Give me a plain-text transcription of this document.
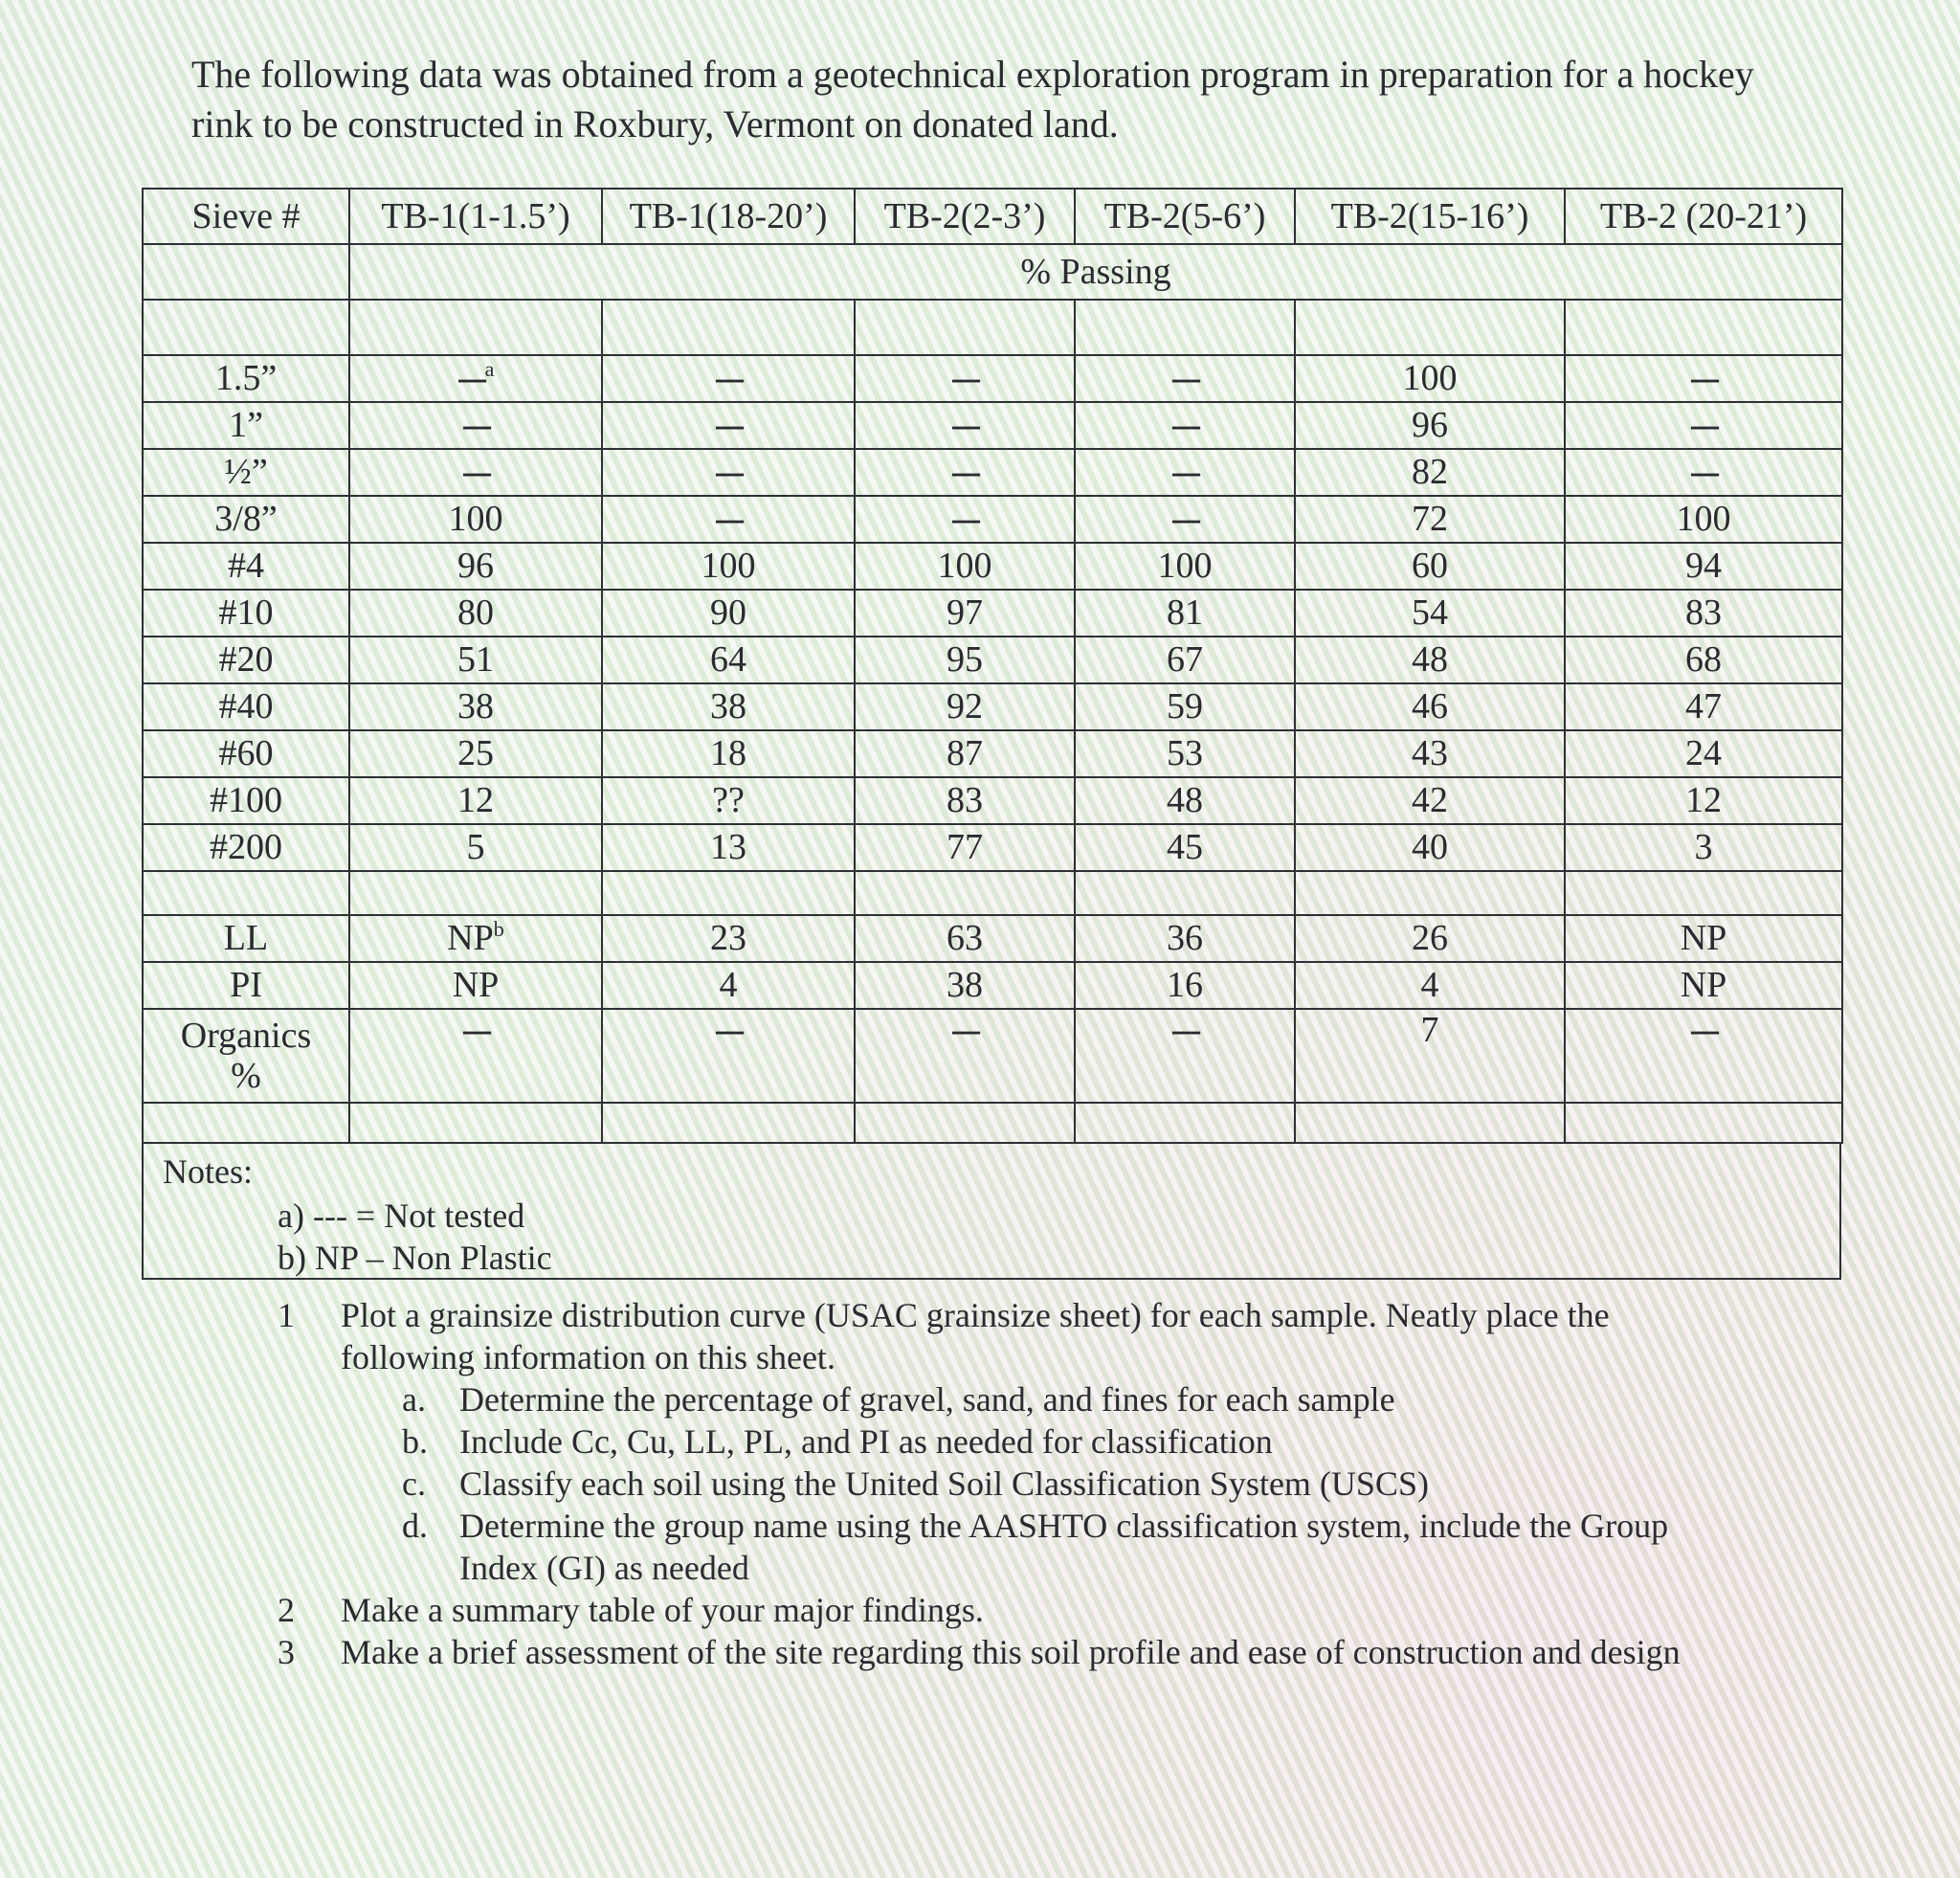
The following data was obtained from a geotechnical exploration program in preparation for a hockey rink to be constructed in Roxbury, Vermont on donated land.
Sieve #	TB-1(1-1.5’)	TB-1(18-20’)	TB-2(2-3’)	TB-2(5-6’)	TB-2(15-16’)	TB-2 (20-21’)
	% Passing					

1.5”	---$^a$	---	---	---	100	---
1”	---	---	---	---	96	---
½”	---	---	---	---	82	---
3/8”	100	---	---	---	72	100
#4	96	100	100	100	60	94
#10	80	90	97	81	54	83
#20	51	64	95	67	48	68
#40	38	38	92	59	46	47
#60	25	18	87	53	43	24
#100	12	??	83	48	42	12
#200	5	13	77	45	40	3

LL	$NP^b$	23	63	36	26	NP
PI	NP	4	38	16	4	NP

Organics
%	---	---	---	---	7	---

Notes:
a) --- = Not tested
b) NP – Non Plastic
1	Plot a grainsize distribution curve (USAC grainsize sheet) for each sample. Neatly place the following information on this sheet.
a. Determine the percentage of gravel, sand, and fines for each sample
b. Include Cc, Cu, LL, PL, and PI as needed for classification
c. Classify each soil using the United Soil Classification System (USCS)
d. Determine the group name using the AASHTO classification system, include the Group Index (GI) as needed
2	Make a summary table of your major findings.
3	Make a brief assessment of the site regarding this soil profile and ease of construction and design
